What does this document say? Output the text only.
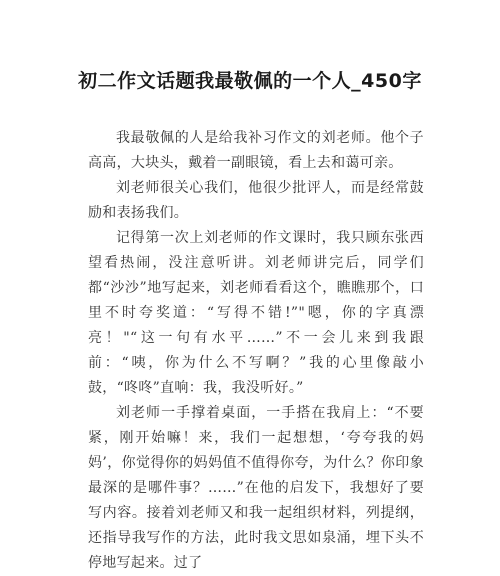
初二作文话题我最敬佩的一个人_450字

我最敬佩的人是给我补习作文的刘老师。他个子高高，大块头，戴着一副眼镜，看上去和蔼可亲。

刘老师很关心我们，他很少批评人，而是经常鼓励和表扬我们。

记得第一次上刘老师的作文课时，我只顾东张西望看热闹，没注意听讲。刘老师讲完后，同学们都“沙沙”地写起来，刘老师看看这个，瞧瞧那个，口里不时夸奖道：“写得不错!”"嗯，你的字真漂亮！"“这一句有水平……”不一会儿来到我跟前：“咦，你为什么不写啊？”我的心里像敲小鼓，“咚咚”直响：我，我没听好。”

刘老师一手撑着桌面，一手搭在我肩上：“不要紧，刚开始嘛！来，我们一起想想，‘夸夸我的妈妈’，你觉得你的妈妈值不值得你夸，为什么？你印象最深的是哪件事？……”在他的启发下，我想好了要写内容。接着刘老师又和我一起组织材料，列提纲，还指导我写作的方法，此时我文思如泉涌，埋下头不停地写起来。过了
